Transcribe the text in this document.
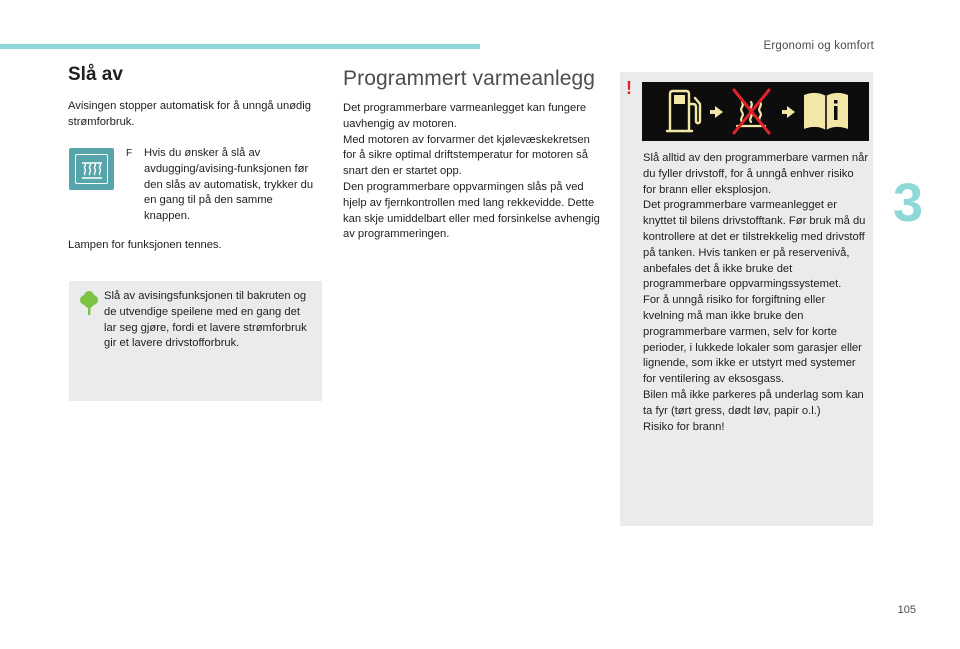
Ergonomi og komfort
3
105
Slå av

Avisingen stopper automatisk for å unngå unødig strømforbruk.

F Hvis du ønsker å slå av avdugging/avising-funksjonen før den slås av automatisk, trykker du en gang til på den samme knappen.

Lampen for funksjonen tennes.

Slå av avisingsfunksjonen til bakruten og de utvendige speilene med en gang det lar seg gjøre, fordi et lavere strømforbruk gir et lavere drivstofforbruk.

Programmert varmeanlegg

Det programmerbare varmeanlegget kan fungere uavhengig av motoren.
Med motoren av forvarmer det kjølevæskekretsen for å sikre optimal driftstemperatur for motoren så snart den er startet opp.
Den programmerbare oppvarmingen slås på ved hjelp av fjernkontrollen med lang rekkevidde. Dette kan skje umiddelbart eller med forsinkelse avhengig av programmeringen.

!

Slå alltid av den programmerbare varmen når du fyller drivstoff, for å unngå enhver risiko for brann eller eksplosjon.
Det programmerbare varmeanlegget er knyttet til bilens drivstofftank. Før bruk må du kontrollere at det er tilstrekkelig med drivstoff på tanken. Hvis tanken er på reservenivå, anbefales det å ikke bruke det programmerbare oppvarmingssystemet.
For å unngå risiko for forgiftning eller kvelning må man ikke bruke den programmerbare varmen, selv for korte perioder, i lukkede lokaler som garasjer eller lignende, som ikke er utstyrt med systemer for ventilering av eksosgass.
Bilen må ikke parkeres på underlag som kan ta fyr (tørt gress, dødt løv, papir o.l.)
Risiko for brann!
